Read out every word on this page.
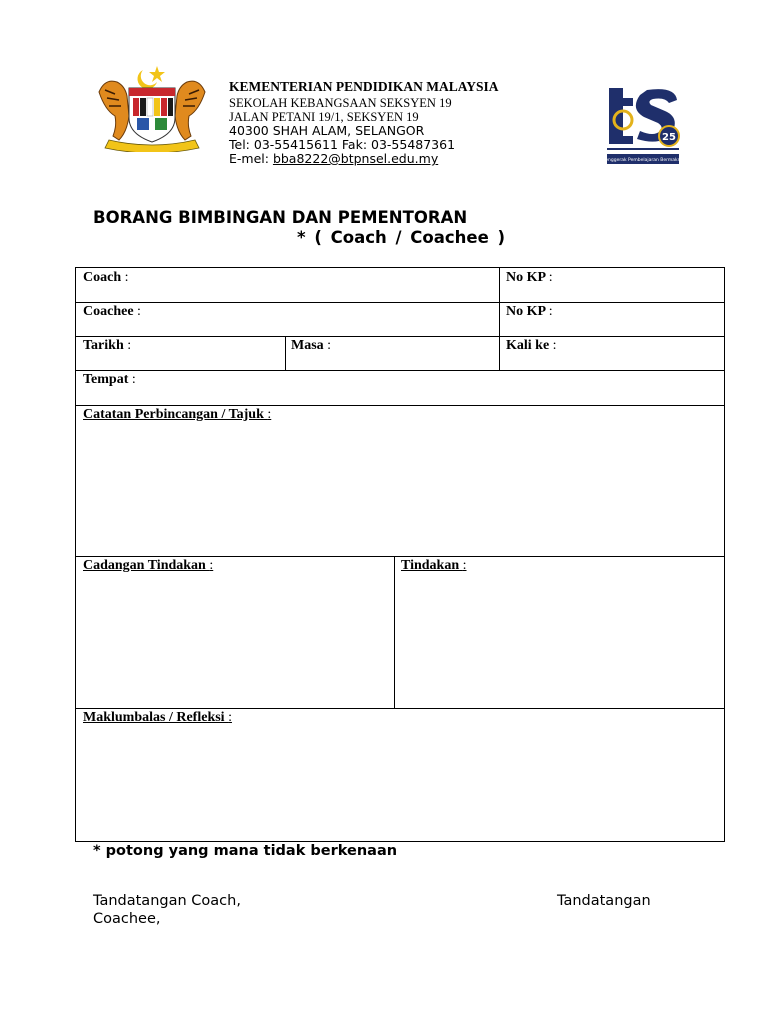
KEMENTERIAN PENDIDIKAN MALAYSIA
SEKOLAH KEBANGSAAN SEKSYEN 19
JALAN PETANI 19/1, SEKSYEN 19
40300 SHAH ALAM, SELANGOR
Tel: 03-55415611 Fak: 03-55487361
E-mel: bba8222@btpnsel.edu.my
25
Penggerak Pembelajaran Bermakna
BORANG BIMBINGAN DAN PEMENTORAN
* ( Coach / Coachee )
Coach :	No KP :
Coachee :	No KP :
Tarikh :	Masa :	Kali ke :
Tempat :
Catatan Perbincangan / Tajuk :
Cadangan Tindakan :	Tindakan :
Maklumbalas / Refleksi :
* potong yang mana tidak berkenaan
Tandatangan Coach,	Tandatangan
Coachee,
